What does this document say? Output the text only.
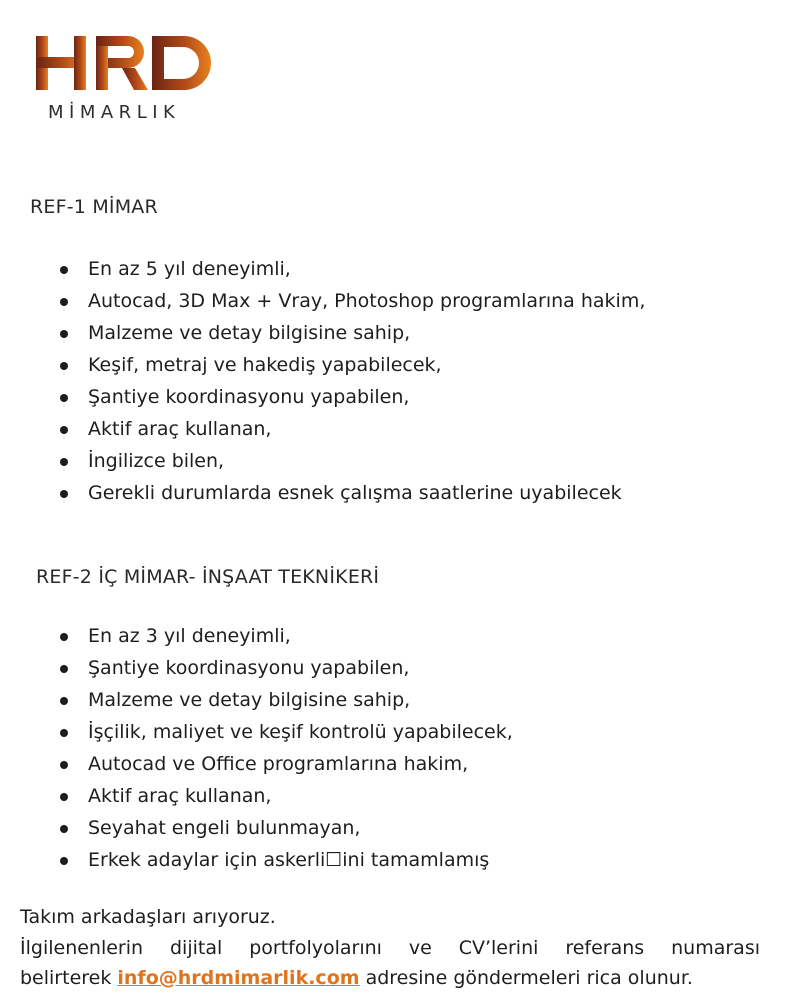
MİMARLIK
REF-1 MİMAR
En az 5 yıl deneyimli,
Autocad, 3D Max + Vray, Photoshop programlarına hakim,
Malzeme ve detay bilgisine sahip,
Keşif, metraj ve hakediş yapabilecek,
Şantiye koordinasyonu yapabilen,
Aktif araç kullanan,
İngilizce bilen,
Gerekli durumlarda esnek çalışma saatlerine uyabilecek
REF-2 İÇ MİMAR- İNŞAAT TEKNİKERİ
En az 3 yıl deneyimli,
Şantiye koordinasyonu yapabilen,
Malzeme ve detay bilgisine sahip,
İşçilik, maliyet ve keşif kontrolü yapabilecek,
Autocad ve Office programlarına hakim,
Aktif araç kullanan,
Seyahat engeli bulunmayan,
Erkek adaylar için askerli☐ini tamamlamış
Takım arkadaşları arıyoruz.
İlgilenenlerin dijital portfolyolarını ve CV’lerini referans numarası
belirterek info@hrdmimarlik.com adresine göndermeleri rica olunur.
